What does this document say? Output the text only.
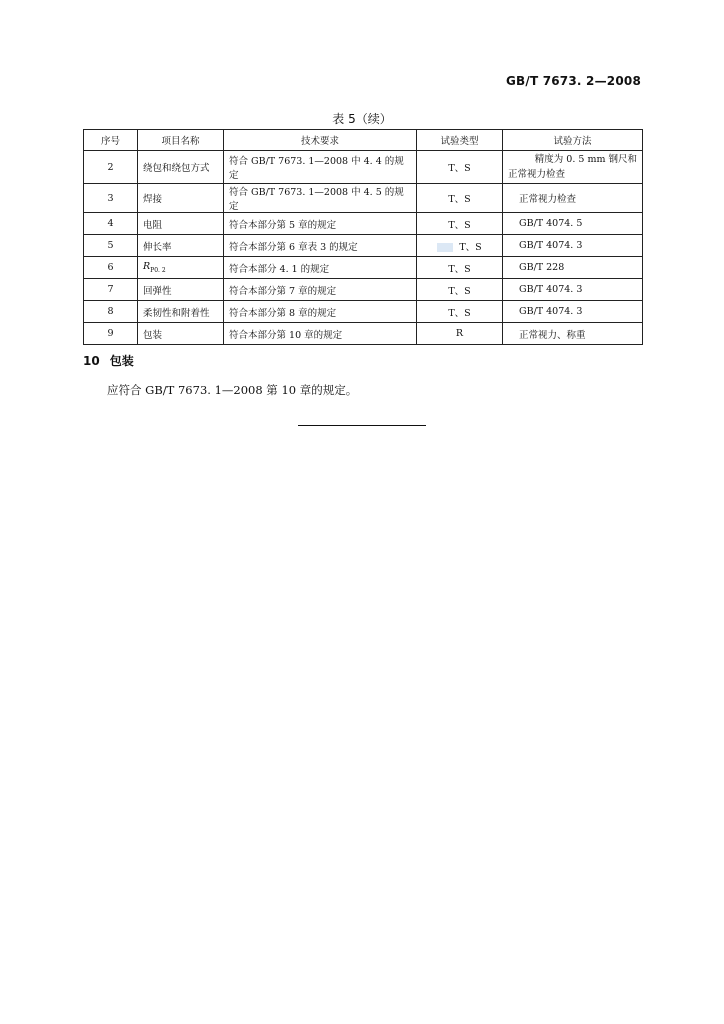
GB/T 7673. 2—2008
表 5（续）
序号	项目名称	技术要求	试验类型	试验方法
2	绕包和绕包方式	符合 GB/T 7673. 1—2008 中 4. 4 的规定	T、S	精度为 0. 5 mm 钢尺和
正常视力检查

3	焊接	符合 GB/T 7673. 1—2008 中 4. 5 的规定	T、S	正常视力检查
4	电阻	符合本部分第 5 章的规定	T、S	GB/T 4074. 5
5	伸长率	符合本部分第 6 章表 3 的规定	T、S	GB/T 4074. 3
6	$R_{P0. 2}$	符合本部分 4. 1 的规定	T、S	GB/T 228
7	回弹性	符合本部分第 7 章的规定	T、S	GB/T 4074. 3
8	柔韧性和附着性	符合本部分第 8 章的规定	T、S	GB/T 4074. 3
9	包装	符合本部分第 10 章的规定	R	正常视力、称重
10 包装
应符合 GB/T 7673. 1—2008 第 10 章的规定。
